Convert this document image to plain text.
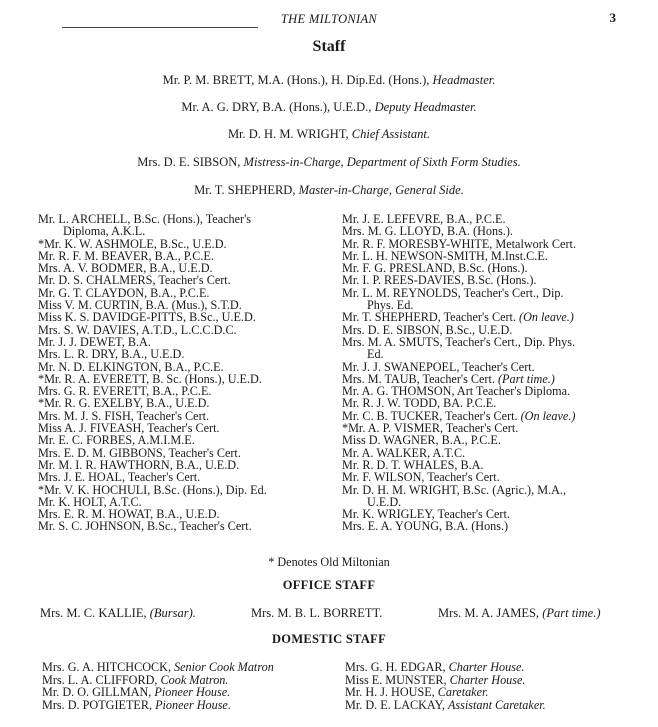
THE MILTONIAN	3
Staff
Mr. P. M. BRETT, M.A. (Hons.), H. Dip.Ed. (Hons.), Headmaster.
Mr. A. G. DRY, B.A. (Hons.), U.E.D., Deputy Headmaster.
Mr. D. H. M. WRIGHT, Chief Assistant.
Mrs. D. E. SIBSON, Mistress-in-Charge, Department of Sixth Form Studies.
Mr. T. SHEPHERD, Master-in-Charge, General Side.
Mr. L. ARCHELL, B.Sc. (Hons.), Teacher's
Diploma, A.K.L.
*Mr. K. W. ASHMOLE, B.Sc., U.E.D.
Mr. R. F. M. BEAVER, B.A., P.C.E.
Mrs. A. V. BODMER, B.A., U.E.D.
Mr. D. S. CHALMERS, Teacher's Cert.
Mr. G. T. CLAYDON, B.A., P.C.E.
Miss V. M. CURTIN, B.A. (Mus.), S.T.D.
Miss K. S. DAVIDGE-PITTS, B.Sc., U.E.D.
Mrs. S. W. DAVIES, A.T.D., L.C.C.D.C.
Mr. J. J. DEWET, B.A.
Mrs. L. R. DRY, B.A., U.E.D.
Mr. N. D. ELKINGTON, B.A., P.C.E.
*Mr. R. A. EVERETT, B. Sc. (Hons.), U.E.D.
Mrs. G. R. EVERETT, B.A., P.C.E.
*Mr. R. G. EXELBY, B.A., U.E.D.
Mrs. M. J. S. FISH, Teacher's Cert.
Miss A. J. FIVEASH, Teacher's Cert.
Mr. E. C. FORBES, A.M.I.M.E.
Mrs. E. D. M. GIBBONS, Teacher's Cert.
Mr. M. I. R. HAWTHORN, B.A., U.E.D.
Mrs. J. E. HOAL, Teacher's Cert.
*Mr. V. K. HOCHULI, B.Sc. (Hons.), Dip. Ed.
Mr. K. HOLT, A.T.C.
Mrs. E. R. M. HOWAT, B.A., U.E.D.
Mr. S. C. JOHNSON, B.Sc., Teacher's Cert.
Mr. J. E. LEFEVRE, B.A., P.C.E.
Mrs. M. G. LLOYD, B.A. (Hons.).
Mr. R. F. MORESBY-WHITE, Metalwork Cert.
Mr. L. H. NEWSON-SMITH, M.Inst.C.E.
Mr. F. G. PRESLAND, B.Sc. (Hons.).
Mr. I. P. REES-DAVIES, B.Sc. (Hons.).
Mr. L. M. REYNOLDS, Teacher's Cert., Dip.
Phys. Ed.
Mr. T. SHEPHERD, Teacher's Cert. (On leave.)
Mrs. D. E. SIBSON, B.Sc., U.E.D.
Mrs. M. A. SMUTS, Teacher's Cert., Dip. Phys.
Ed.
Mr. J. J. SWANEPOEL, Teacher's Cert.
Mrs. M. TAUB, Teacher's Cert. (Part time.)
Mr. A. G. THOMSON, Art Teacher's Diploma.
Mr. R. J. W. TODD, BA. P.C.E.
Mr. C. B. TUCKER, Teacher's Cert. (On leave.)
*Mr. A. P. VISMER, Teacher's Cert.
Miss D. WAGNER, B.A., P.C.E.
Mr. A. WALKER, A.T.C.
Mr. R. D. T. WHALES, B.A.
Mr. F. WILSON, Teacher's Cert.
Mr. D. H. M. WRIGHT, B.Sc. (Agric.), M.A.,
U.E.D.
Mr. K. WRIGLEY, Teacher's Cert.
Mrs. E. A. YOUNG, B.A. (Hons.)
* Denotes Old Miltonian
OFFICE STAFF
Mrs. M. C. KALLIE, (Bursar).	Mrs. M. B. L. BORRETT.	Mrs. M. A. JAMES, (Part time.)
DOMESTIC STAFF
Mrs. G. A. HITCHCOCK, Senior Cook Matron
Mrs. L. A. CLIFFORD, Cook Matron.
Mr. D. O. GILLMAN, Pioneer House.
Mrs. D. POTGIETER, Pioneer House.
Mrs. G. H. EDGAR, Charter House.
Miss E. MUNSTER, Charter House.
Mr. H. J. HOUSE, Caretaker.
Mr. D. E. LACKAY, Assistant Caretaker.
